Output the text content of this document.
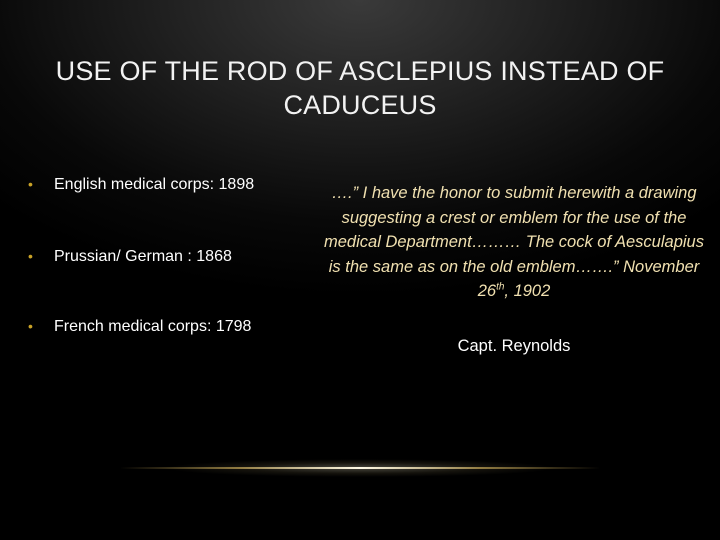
USE OF THE ROD OF ASCLEPIUS INSTEAD OF CADUCEUS
•	English medical corps: 1898
•	Prussian/ German : 1868
•	French medical corps: 1798
….” I have the honor to submit herewith a drawing suggesting a crest or emblem for the use of the medical Department……… The cock of Aesculapius is the same as on the old emblem…….” November 26th, 1902
Capt. Reynolds
